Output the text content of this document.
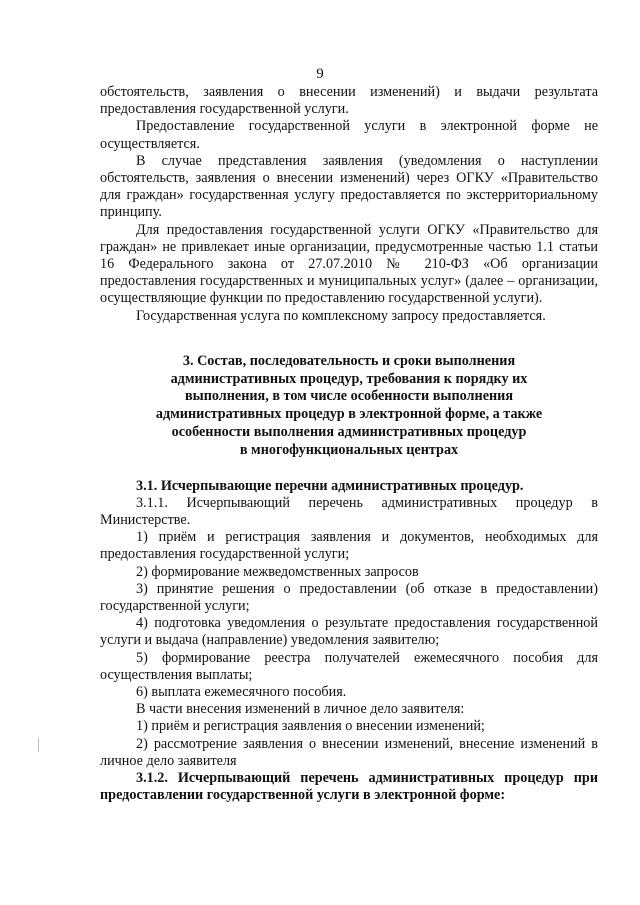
9

обстоятельств, заявления о внесении изменений) и выдачи результата предоставления государственной услуги.

Предоставление государственной услуги в электронной форме не осуществляется.

В случае представления заявления (уведомления о наступлении обстоятельств, заявления о внесении изменений) через ОГКУ «Правительство для граждан» государственная услугу предоставляется по экстерриториальному принципу.

Для предоставления государственной услуги ОГКУ «Правительство для граждан» не привлекает иные организации, предусмотренные частью 1.1 статьи 16 Федерального закона от 27.07.2010 № 210-ФЗ «Об организации предоставления государственных и муниципальных услуг» (далее – организации, осуществляющие функции по предоставлению государственной услуги).

Государственная услуга по комплексному запросу предоставляется.

3. Состав, последовательность и сроки выполнения
административных процедур, требования к порядку их
выполнения, в том числе особенности выполнения
административных процедур в электронной форме, а также
особенности выполнения административных процедур
в многофункциональных центрах

3.1. Исчерпывающие перечни административных процедур.

3.1.1. Исчерпывающий перечень административных процедур в Министерстве.

1) приём и регистрация заявления и документов, необходимых для предоставления государственной услуги;

2) формирование межведомственных запросов

3) принятие решения о предоставлении (об отказе в предоставлении) государственной услуги;

4) подготовка уведомления о результате предоставления государственной услуги и выдача (направление) уведомления заявителю;

5) формирование реестра получателей ежемесячного пособия для осуществления выплаты;

6) выплата ежемесячного пособия.

В части внесения изменений в личное дело заявителя:

1) приём и регистрация заявления о внесении изменений;

2) рассмотрение заявления о внесении изменений, внесение изменений в личное дело заявителя

3.1.2. Исчерпывающий перечень административных процедур при предоставлении государственной услуги в электронной форме:
